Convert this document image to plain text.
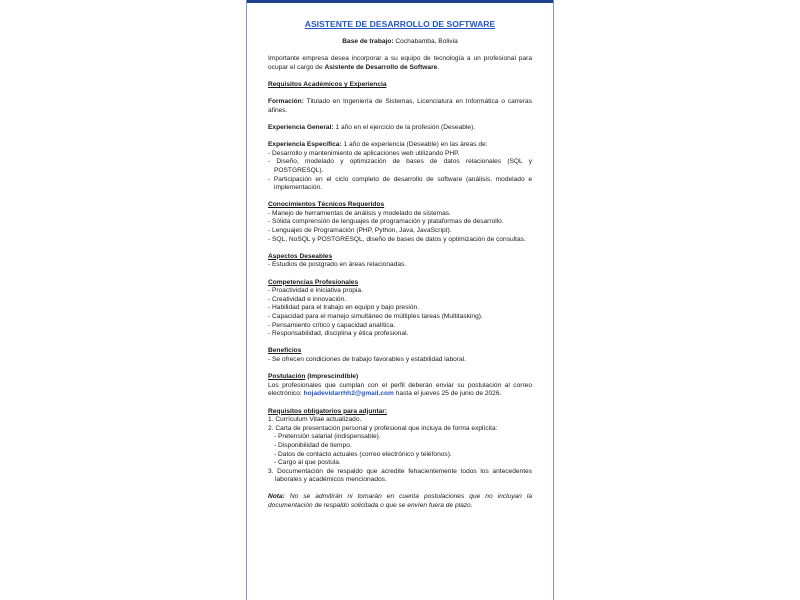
ASISTENTE DE DESARROLLO DE SOFTWARE
Base de trabajo: Cochabamba, Bolivia

Importante empresa desea incorporar a su equipo de tecnología a un profesional para ocupar el cargo de Asistente de Desarrollo de Software.

Requisitos Académicos y Experiencia

Formación: Titulado en Ingeniería de Sistemas, Licenciatura en Informática o carreras afines.

Experiencia General: 1 año en el ejercicio de la profesión (Deseable).

Experiencia Específica: 1 año de experiencia (Deseable) en las áreas de:

- Desarrollo y mantenimiento de aplicaciones web utilizando PHP.
- Diseño, modelado y optimización de bases de datos relacionales (SQL y POSTGRESQL).
- Participación en el ciclo completo de desarrollo de software (análisis, modelado e implementación.
Conocimientos Técnicos Requeridos
- Manejo de herramientas de análisis y modelado de sistemas.
- Sólida comprensión de lenguajes de programación y plataformas de desarrollo.
- Lenguajes de Programación (PHP, Python, Java, JavaScript).
- SQL, NoSQL y POSTGRESQL, diseño de bases de datos y optimización de consultas.
Aspectos Deseables
- Estudios de postgrado en áreas relacionadas.
Competencias Profesionales
- Proactividad e iniciativa propia.
- Creatividad e innovación.
- Habilidad para el trabajo en equipo y bajo presión.
- Capacidad para el manejo simultáneo de múltiples tareas (Multitasking).
- Pensamiento crítico y capacidad analítica.
- Responsabilidad, disciplina y ética profesional.
Beneficios
- Se ofrecen condiciones de trabajo favorables y estabilidad laboral.
Postulación (Imprescindible)

Los profesionales que cumplan con el perfil deberán enviar su postulación al correo electrónico: hojadevidarrhh2@gmail.com hasta el jueves 25 de junio de 2026.

Requisitos obligatorios para adjuntar:
1. Currículum Vitae actualizado.
2. Carta de presentación personal y profesional que incluya de forma explícita:
- Pretensión salarial (indispensable).
- Disponibilidad de tiempo.
- Datos de contacto actuales (correo electrónico y teléfonos).
- Cargo al que postula.
3. Documentación de respaldo que acredite fehacientemente todos los antecedentes laborales y académicos mencionados.

Nota: No se admitirán ni tomarán en cuenta postulaciones que no incluyan la documentación de respaldo solicitada o que se envíen fuera de plazo.
